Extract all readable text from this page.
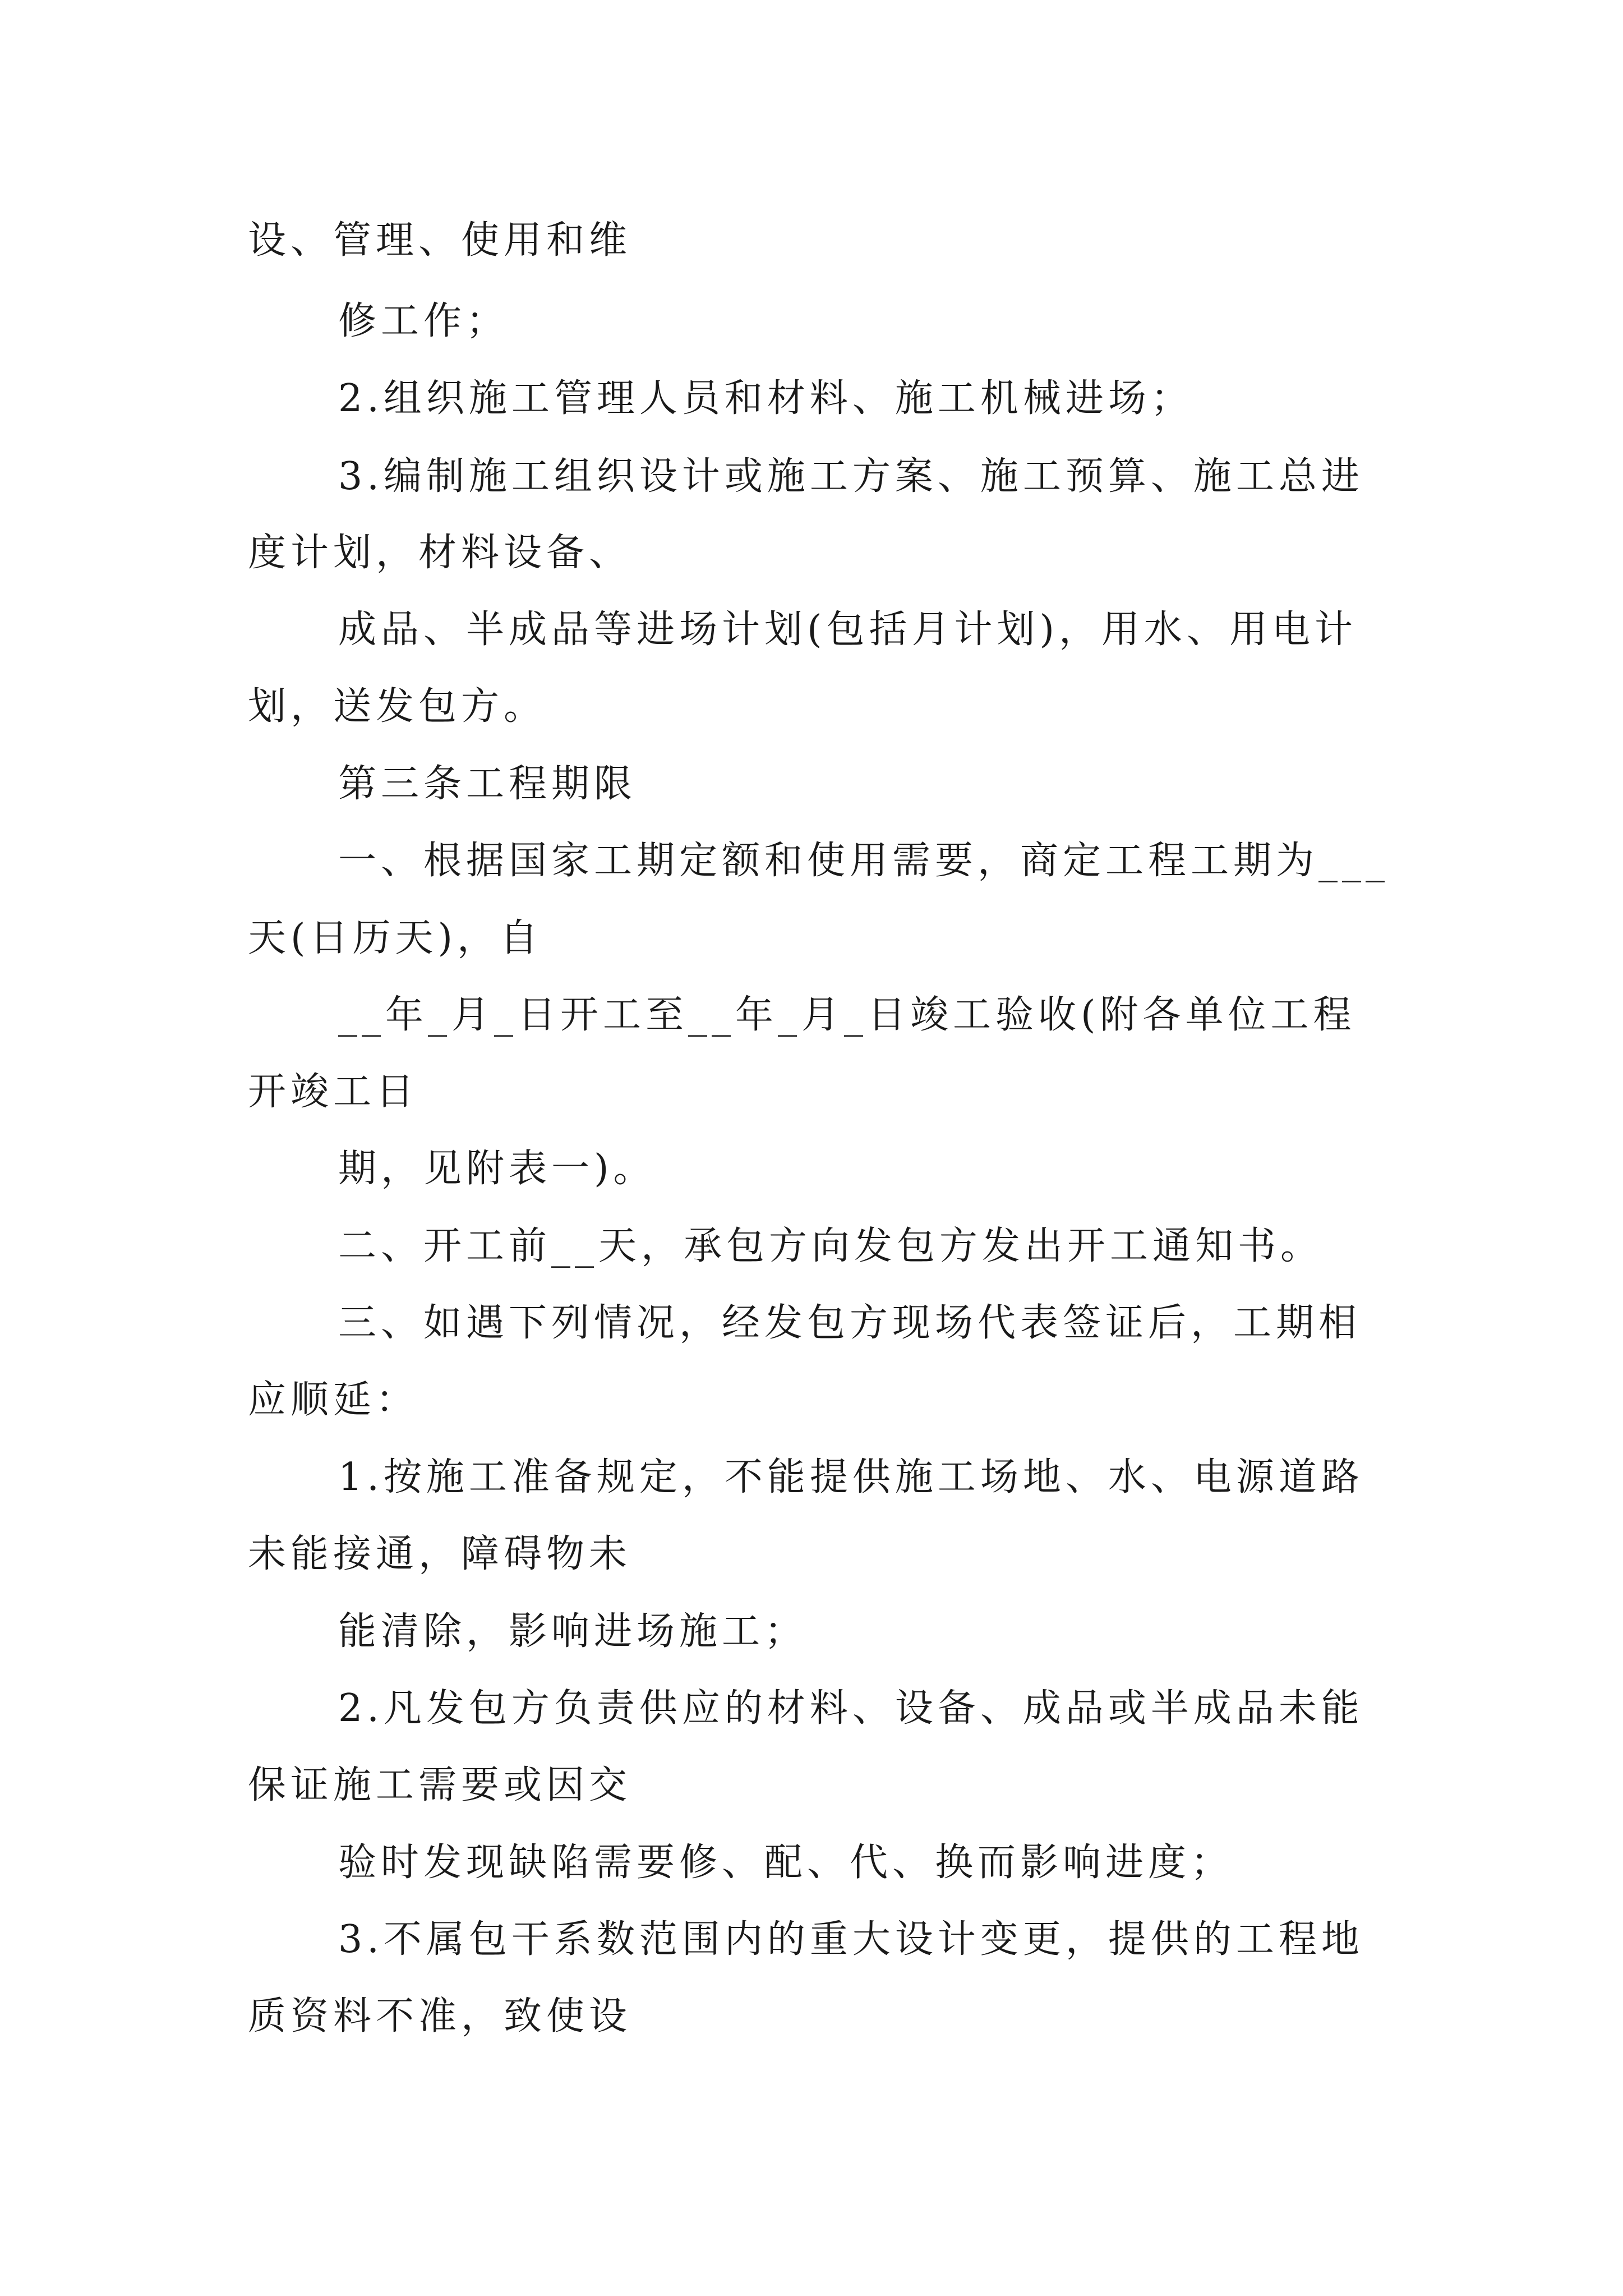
设、管理、使用和维
修工作；
2.组织施工管理人员和材料、施工机械进场；
3.编制施工组织设计或施工方案、施工预算、施工总进
度计划，材料设备、
成品、半成品等进场计划(包括月计划)，用水、用电计
划，送发包方。
第三条工程期限
一、根据国家工期定额和使用需要，商定工程工期为___
天(日历天)，自
__年_月_日开工至__年_月_日竣工验收(附各单位工程
开竣工日
期，见附表一)。
二、开工前__天，承包方向发包方发出开工通知书。
三、如遇下列情况，经发包方现场代表签证后，工期相
应顺延：
1.按施工准备规定，不能提供施工场地、水、电源道路
未能接通，障碍物未
能清除，影响进场施工；
2.凡发包方负责供应的材料、设备、成品或半成品未能
保证施工需要或因交
验时发现缺陷需要修、配、代、换而影响进度；
3.不属包干系数范围内的重大设计变更，提供的工程地
质资料不准，致使设
